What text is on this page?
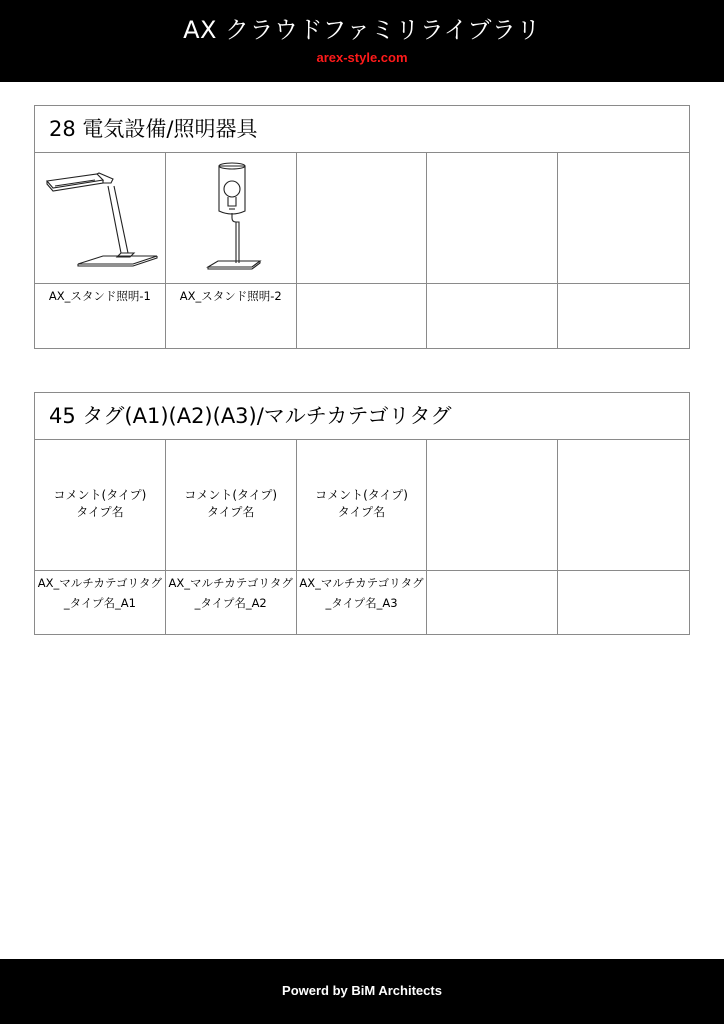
AX クラウドファミリライブラリ
arex-style.com
28 電気設備/照明器具
AX_スタンド照明-1	AX_スタンド照明-2
45 タグ(A1)(A2)(A3)/マルチカテゴリタグ
コメント(タイプ)
タイプ名
コメント(タイプ)
タイプ名
コメント(タイプ)
タイプ名
AX_マルチカテゴリタグ
_タイプ名_A1
AX_マルチカテゴリタグ
_タイプ名_A2
AX_マルチカテゴリタグ
_タイプ名_A3
Powerd by BiM Architects
